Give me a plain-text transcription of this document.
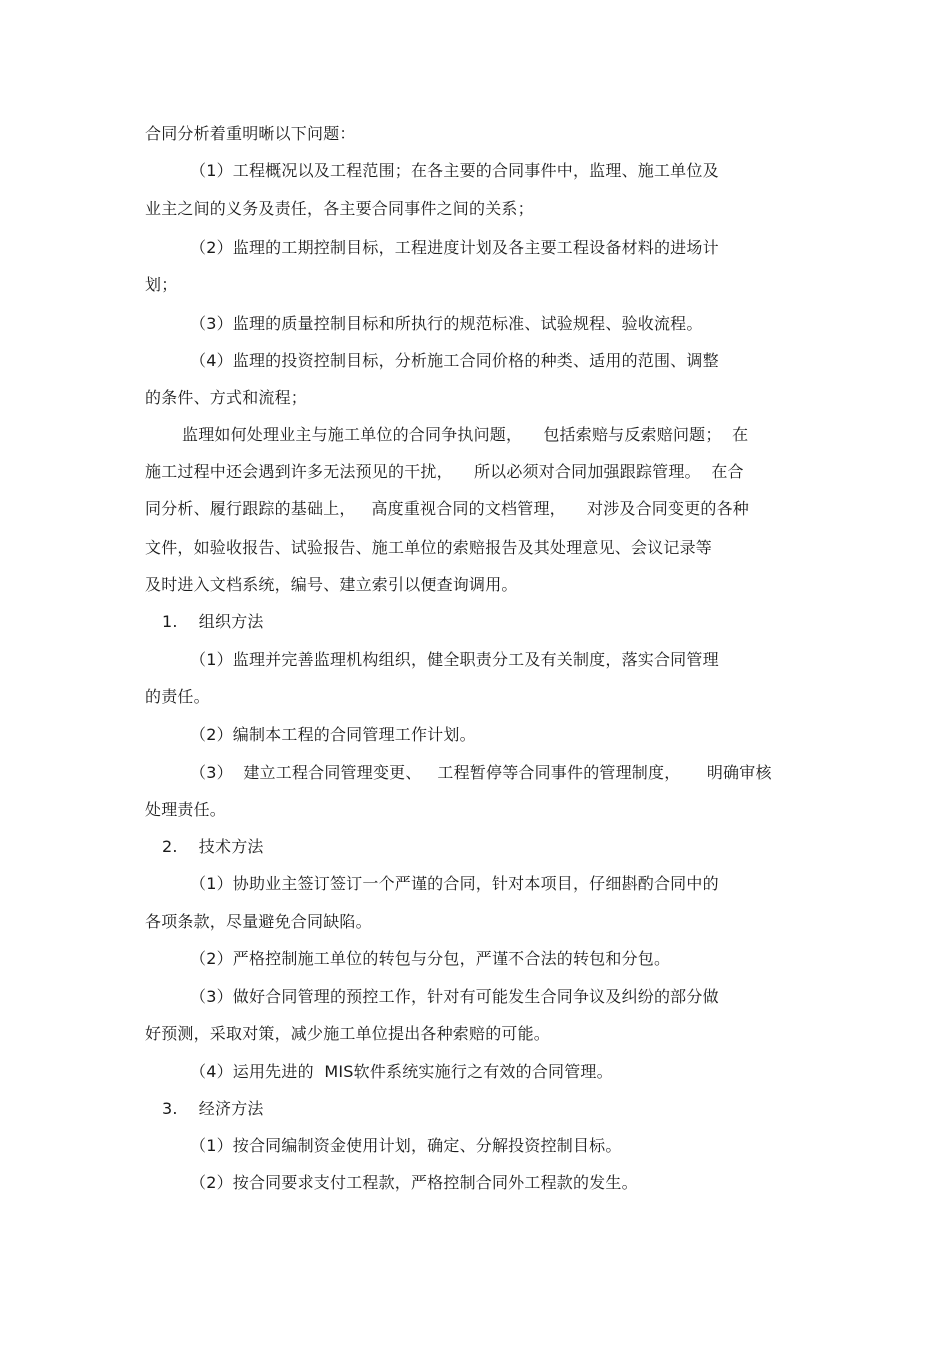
合同分析着重明晰以下问题：
（1）工程概况以及工程范围；在各主要的合同事件中，监理、施工单位及
业主之间的义务及责任，各主要合同事件之间的关系；
（2）监理的工期控制目标，工程进度计划及各主要工程设备材料的进场计
划；
（3）监理的质量控制目标和所执行的规范标准、试验规程、验收流程。
（4）监理的投资控制目标，分析施工合同价格的种类、适用的范围、调整
的条件、方式和流程；
监理如何处理业主与施工单位的合同争执问题，    包括索赔与反索赔问题；  在
施工过程中还会遇到许多无法预见的干扰，    所以必须对合同加强跟踪管理。  在合
同分析、履行跟踪的基础上，   高度重视合同的文档管理，    对涉及合同变更的各种
文件，如验收报告、试验报告、施工单位的索赔报告及其处理意见、会议记录等
及时进入文档系统，编号、建立索引以便查询调用。
1.    组织方法
（1）监理并完善监理机构组织，健全职责分工及有关制度，落实合同管理
的责任。
（2）编制本工程的合同管理工作计划。
（3）  建立工程合同管理变更、   工程暂停等合同事件的管理制度，     明确审核
处理责任。
2.    技术方法
（1）协助业主签订签订一个严谨的合同，针对本项目，仔细斟酌合同中的
各项条款，尽量避免合同缺陷。
（2）严格控制施工单位的转包与分包，严谨不合法的转包和分包。
（3）做好合同管理的预控工作，针对有可能发生合同争议及纠纷的部分做
好预测，采取对策，减少施工单位提出各种索赔的可能。
（4）运用先进的  MIS软件系统实施行之有效的合同管理。
3.    经济方法
（1）按合同编制资金使用计划，确定、分解投资控制目标。
（2）按合同要求支付工程款，严格控制合同外工程款的发生。
